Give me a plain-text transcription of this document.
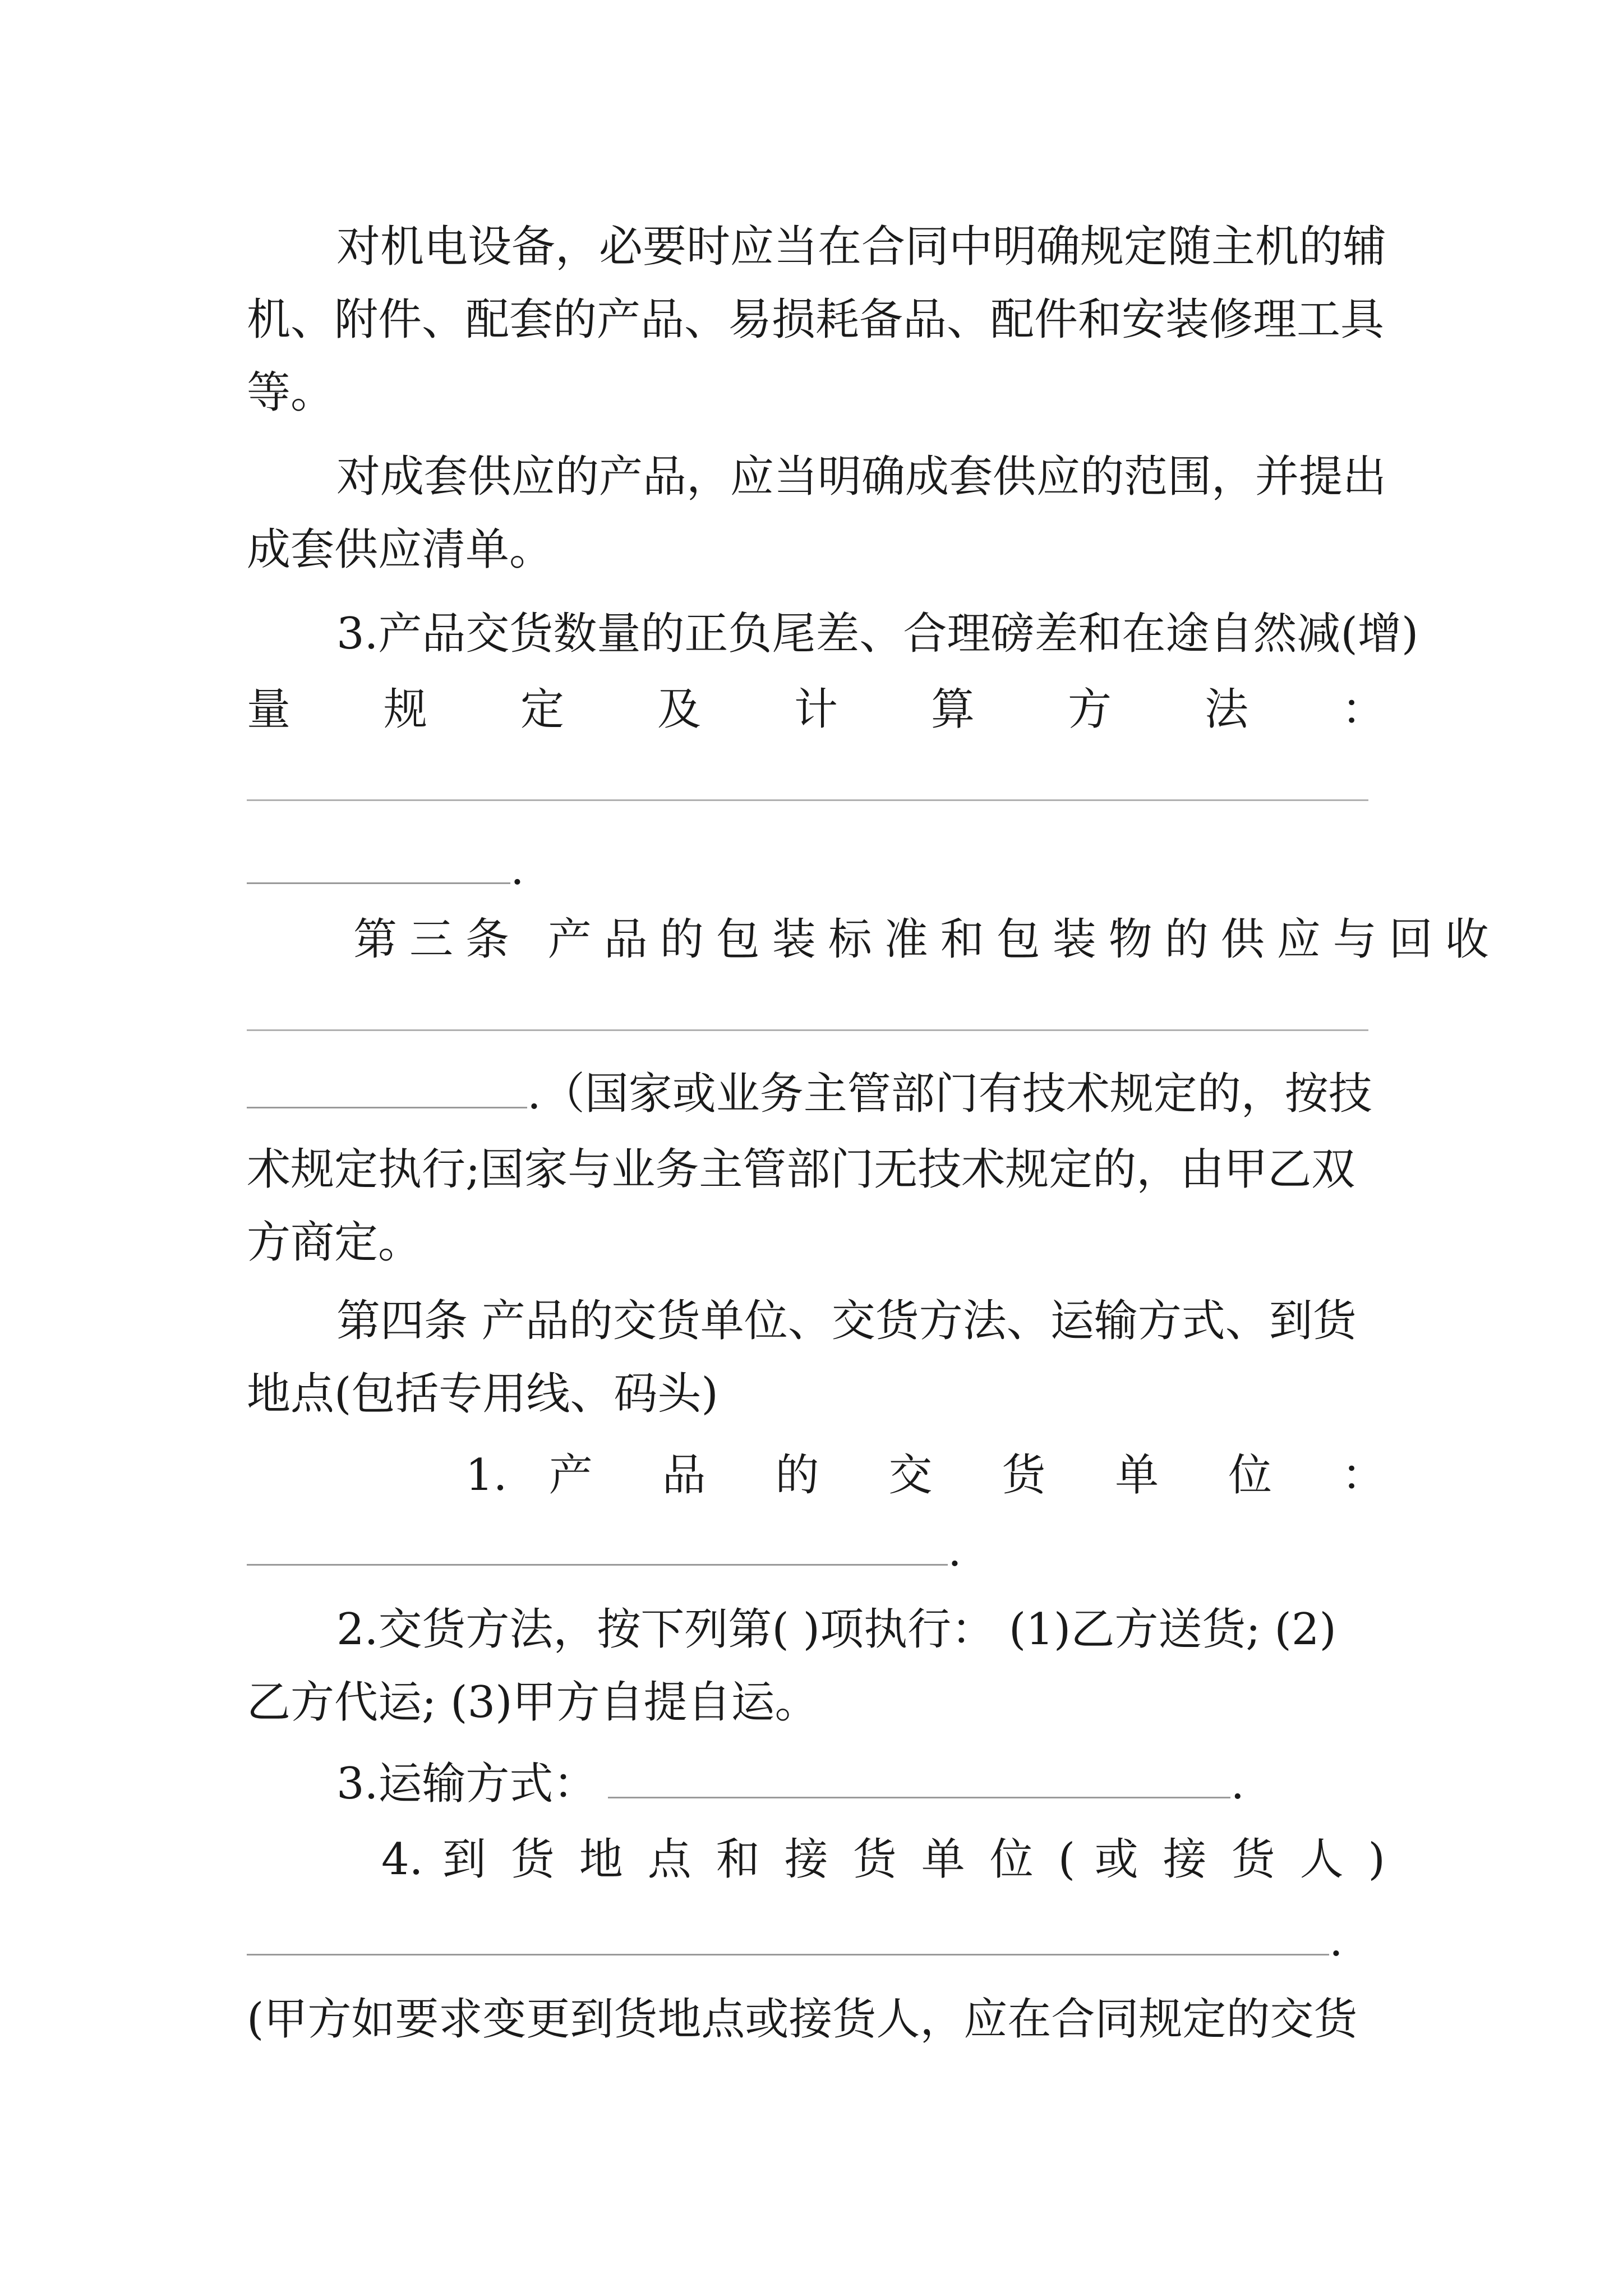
对机电设备，必要时应当在合同中明确规定随主机的辅
机、附件、配套的产品、易损耗备品、配件和安装修理工具
等。
对成套供应的产品，应当明确成套供应的范围，并提出
成套供应清单。
3.产品交货数量的正负尾差、合理磅差和在途自然减(增)
量 规 定 及 计 算 方 法 ：
.
第三条 产品的包装标准和包装物的供应与回收
.（国家或业务主管部门有技术规定的，按技
术规定执行;国家与业务主管部门无技术规定的，由甲乙双
方商定。
第四条 产品的交货单位、交货方法、运输方式、到货
地点(包括专用线、码头)
1. 产 品 的 交 货 单 位 ：
.
2.交货方法，按下列第( )项执行： (1)乙方送货; (2)
乙方代运; (3)甲方自提自运。
3.运输方式：	.
4. 到 货 地 点 和 接 货 单 位 ( 或 接 货 人 )
.
(甲方如要求变更到货地点或接货人，应在合同规定的交货
